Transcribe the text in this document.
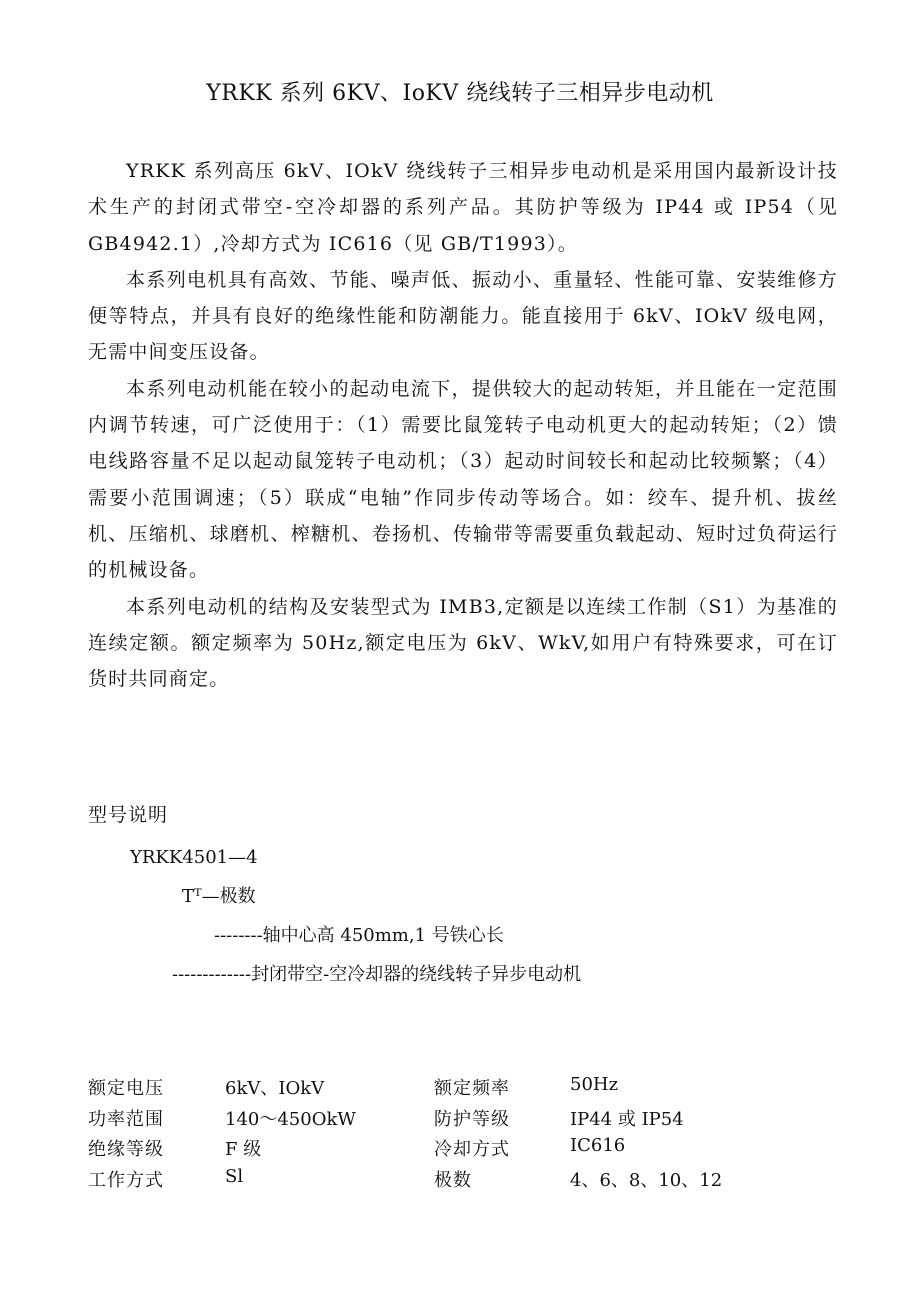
YRKK 系列 6KV、IoKV 绕线转子三相异步电动机

YRKK 系列高压 6kV、IOkV 绕线转子三相异步电动机是采用国内最新设计技术生产的封闭式带空-空冷却器的系列产品。其防护等级为 IP44 或 IP54（见 GB4942.1）,冷却方式为 IC616（见 GB/T1993）。

本系列电机具有高效、节能、噪声低、振动小、重量轻、性能可靠、安装维修方便等特点，并具有良好的绝缘性能和防潮能力。能直接用于 6kV、IOkV 级电网，无需中间变压设备。

本系列电动机能在较小的起动电流下，提供较大的起动转矩，并且能在一定范围内调节转速，可广泛使用于：（1）需要比鼠笼转子电动机更大的起动转矩；（2）馈电线路容量不足以起动鼠笼转子电动机；（3）起动时间较长和起动比较频繁；（4）需要小范围调速；（5）联成“电轴”作同步传动等场合。如：绞车、提升机、拔丝机、压缩机、球磨机、榨糖机、卷扬机、传输带等需要重负载起动、短时过负荷运行的机械设备。

本系列电动机的结构及安装型式为 IMB3,定额是以连续工作制（S1）为基准的连续定额。额定频率为 50Hz,额定电压为 6kV、WkV,如用户有特殊要求，可在订货时共同商定。

型号说明
YRKK4501—4
Tᵀ—极数
--------轴中心高 450mm,1 号铁心长
-------------封闭带空-空冷却器的绕线转子异步电动机
额定电压	6kV、IOkV	额定频率	50Hz
功率范围	140～450OkW	防护等级	IP44 或 IP54
绝缘等级	F 级	冷却方式	IC616
工作方式	Sl	极数	4、6、8、10、12
